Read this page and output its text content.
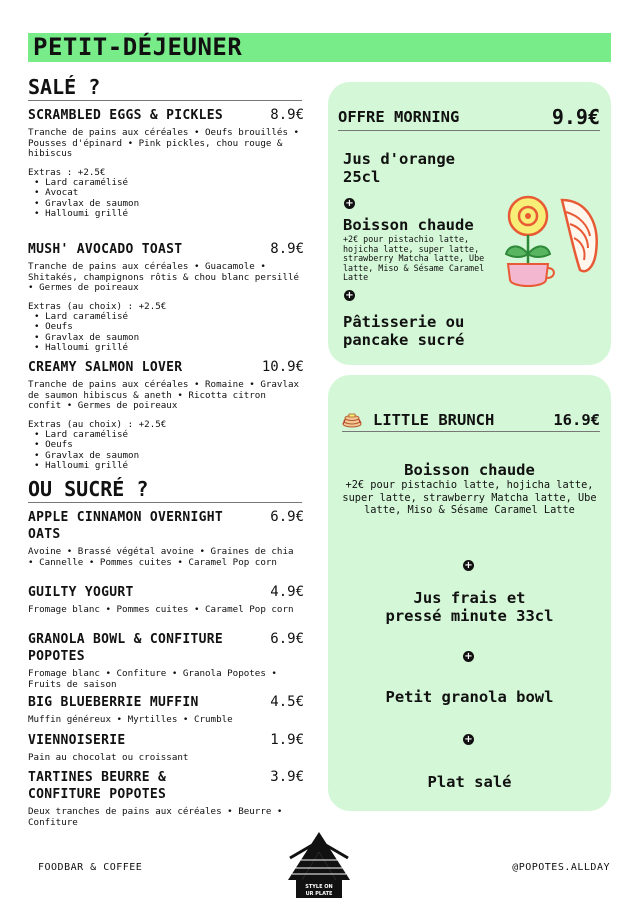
PETIT-DÉJEUNER
SALÉ ?
SCRAMBLED EGGS & PICKLES	8.9€
Tranche de pains aux céréales • Oeufs brouillés • Pousses d'épinard • Pink pickles, chou rouge & hibiscus
Extras : +2.5€
• Lard caramélisé
• Avocat
• Gravlax de saumon
• Halloumi grillé
MUSH' AVOCADO TOAST	8.9€
Tranche de pains aux céréales • Guacamole • Shitakés, champignons rôtis & chou blanc persillé • Germes de poireaux
Extras (au choix) : +2.5€
• Lard caramélisé
• Oeufs
• Gravlax de saumon
• Halloumi grillé
CREAMY SALMON LOVER	10.9€
Tranche de pains aux céréales • Romaine • Gravlax de saumon hibiscus & aneth • Ricotta citron confit • Germes de poireaux
Extras (au choix) : +2.5€
• Lard caramélisé
• Oeufs
• Gravlax de saumon
• Halloumi grillé
OU SUCRÉ ?
APPLE CINNAMON OVERNIGHT OATS
6.9€
Avoine • Brassé végétal avoine • Graines de chia • Cannelle • Pommes cuites • Caramel Pop corn
GUILTY YOGURT	4.9€
Fromage blanc • Pommes cuites • Caramel Pop corn
GRANOLA BOWL & CONFITURE POPOTES
6.9€
Fromage blanc • Confiture • Granola Popotes • Fruits de saison
BIG BLUEBERRIE MUFFIN	4.5€
Muffin généreux • Myrtilles • Crumble
VIENNOISERIE	1.9€
Pain au chocolat ou croissant
TARTINES BEURRE & CONFITURE POPOTES
3.9€
Deux tranches de pains aux céréales • Beurre • Confiture
OFFRE MORNING	9.9€
Jus d'orange 25cl
+
Boisson chaude
+2€ pour pistachio latte, hojicha latte, super latte, strawberry Matcha latte, Ube latte, Miso & Sésame Caramel Latte
+
Pâtisserie ou pancake sucré
LITTLE BRUNCH	16.9€
Boisson chaude
+2€ pour pistachio latte, hojicha latte, super latte, strawberry Matcha latte, Ube latte, Miso & Sésame Caramel Latte
+
Jus frais et pressé minute 33cl
+
Petit granola bowl
+
Plat salé
FOODBAR & COFFEE	@POPOTES.ALLDAY
STYLE ON
UR PLATE
